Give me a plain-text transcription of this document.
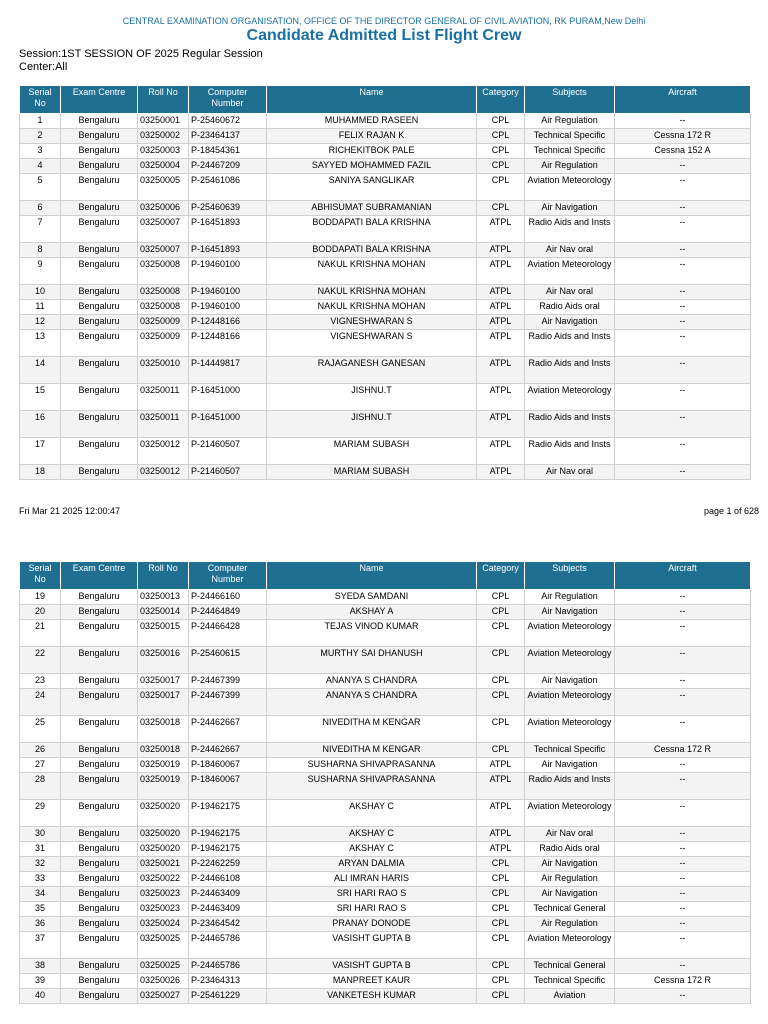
CENTRAL EXAMINATION ORGANISATION, OFFICE OF THE DIRECTOR GENERAL OF CIVIL AVIATION, RK PURAM,New Delhi
Candidate Admitted List Flight Crew
Session:1ST SESSION OF 2025 Regular Session
Center:All
Serial No	Exam Centre	Roll No	Computer Number	Name	Category	Subjects	Aircraft
1	Bengaluru	03250001	P-25460672	MUHAMMED RASEEN	CPL	Air Regulation	--
2	Bengaluru	03250002	P-23464137	FELIX RAJAN K	CPL	Technical Specific	Cessna 172 R
3	Bengaluru	03250003	P-18454361	RICHEKITBOK PALE	CPL	Technical Specific	Cessna 152 A
4	Bengaluru	03250004	P-24467209	SAYYED MOHAMMED FAZIL	CPL	Air Regulation	--
5	Bengaluru	03250005	P-25461086	SANIYA SANGLIKAR	CPL	Aviation Meteorology	--
6	Bengaluru	03250006	P-25460639	ABHISUMAT SUBRAMANIAN	CPL	Air Navigation	--
7	Bengaluru	03250007	P-16451893	BODDAPATI BALA KRISHNA	ATPL	Radio Aids and Insts	--
8	Bengaluru	03250007	P-16451893	BODDAPATI BALA KRISHNA	ATPL	Air Nav oral	--
9	Bengaluru	03250008	P-19460100	NAKUL KRISHNA MOHAN	ATPL	Aviation Meteorology	--
10	Bengaluru	03250008	P-19460100	NAKUL KRISHNA MOHAN	ATPL	Air Nav oral	--
11	Bengaluru	03250008	P-19460100	NAKUL KRISHNA MOHAN	ATPL	Radio Aids oral	--
12	Bengaluru	03250009	P-12448166	VIGNESHWARAN S	ATPL	Air Navigation	--
13	Bengaluru	03250009	P-12448166	VIGNESHWARAN S	ATPL	Radio Aids and Insts	--
14	Bengaluru	03250010	P-14449817	RAJAGANESH GANESAN	ATPL	Radio Aids and Insts	--
15	Bengaluru	03250011	P-16451000	JISHNU.T	ATPL	Aviation Meteorology	--
16	Bengaluru	03250011	P-16451000	JISHNU.T	ATPL	Radio Aids and Insts	--
17	Bengaluru	03250012	P-21460507	MARIAM SUBASH	ATPL	Radio Aids and Insts	--
18	Bengaluru	03250012	P-21460507	MARIAM SUBASH	ATPL	Air Nav oral	--
Fri Mar 21 2025 12:00:47	page 1 of 628
Serial No	Exam Centre	Roll No	Computer Number	Name	Category	Subjects	Aircraft
19	Bengaluru	03250013	P-24466160	SYEDA SAMDANI	CPL	Air Regulation	--
20	Bengaluru	03250014	P-24464849	AKSHAY A	CPL	Air Navigation	--
21	Bengaluru	03250015	P-24466428	TEJAS VINOD KUMAR	CPL	Aviation Meteorology	--
22	Bengaluru	03250016	P-25460615	MURTHY SAI DHANUSH	CPL	Aviation Meteorology	--
23	Bengaluru	03250017	P-24467399	ANANYA S CHANDRA	CPL	Air Navigation	--
24	Bengaluru	03250017	P-24467399	ANANYA S CHANDRA	CPL	Aviation Meteorology	--
25	Bengaluru	03250018	P-24462667	NIVEDITHA M KENGAR	CPL	Aviation Meteorology	--
26	Bengaluru	03250018	P-24462667	NIVEDITHA M KENGAR	CPL	Technical Specific	Cessna 172 R
27	Bengaluru	03250019	P-18460067	SUSHARNA SHIVAPRASANNA	ATPL	Air Navigation	--
28	Bengaluru	03250019	P-18460067	SUSHARNA SHIVAPRASANNA	ATPL	Radio Aids and Insts	--
29	Bengaluru	03250020	P-19462175	AKSHAY C	ATPL	Aviation Meteorology	--
30	Bengaluru	03250020	P-19462175	AKSHAY C	ATPL	Air Nav oral	--
31	Bengaluru	03250020	P-19462175	AKSHAY C	ATPL	Radio Aids oral	--
32	Bengaluru	03250021	P-22462259	ARYAN DALMIA	CPL	Air Navigation	--
33	Bengaluru	03250022	P-24466108	ALI IMRAN HARIS	CPL	Air Regulation	--
34	Bengaluru	03250023	P-24463409	SRI HARI RAO S	CPL	Air Navigation	--
35	Bengaluru	03250023	P-24463409	SRI HARI RAO S	CPL	Technical General	--
36	Bengaluru	03250024	P-23464542	PRANAY DONODE	CPL	Air Regulation	--
37	Bengaluru	03250025	P-24465786	VASISHT GUPTA B	CPL	Aviation Meteorology	--
38	Bengaluru	03250025	P-24465786	VASISHT GUPTA B	CPL	Technical General	--
39	Bengaluru	03250026	P-23464313	MANPREET KAUR	CPL	Technical Specific	Cessna 172 R
40	Bengaluru	03250027	P-25461229	VANKETESH KUMAR	CPL	Aviation	--
